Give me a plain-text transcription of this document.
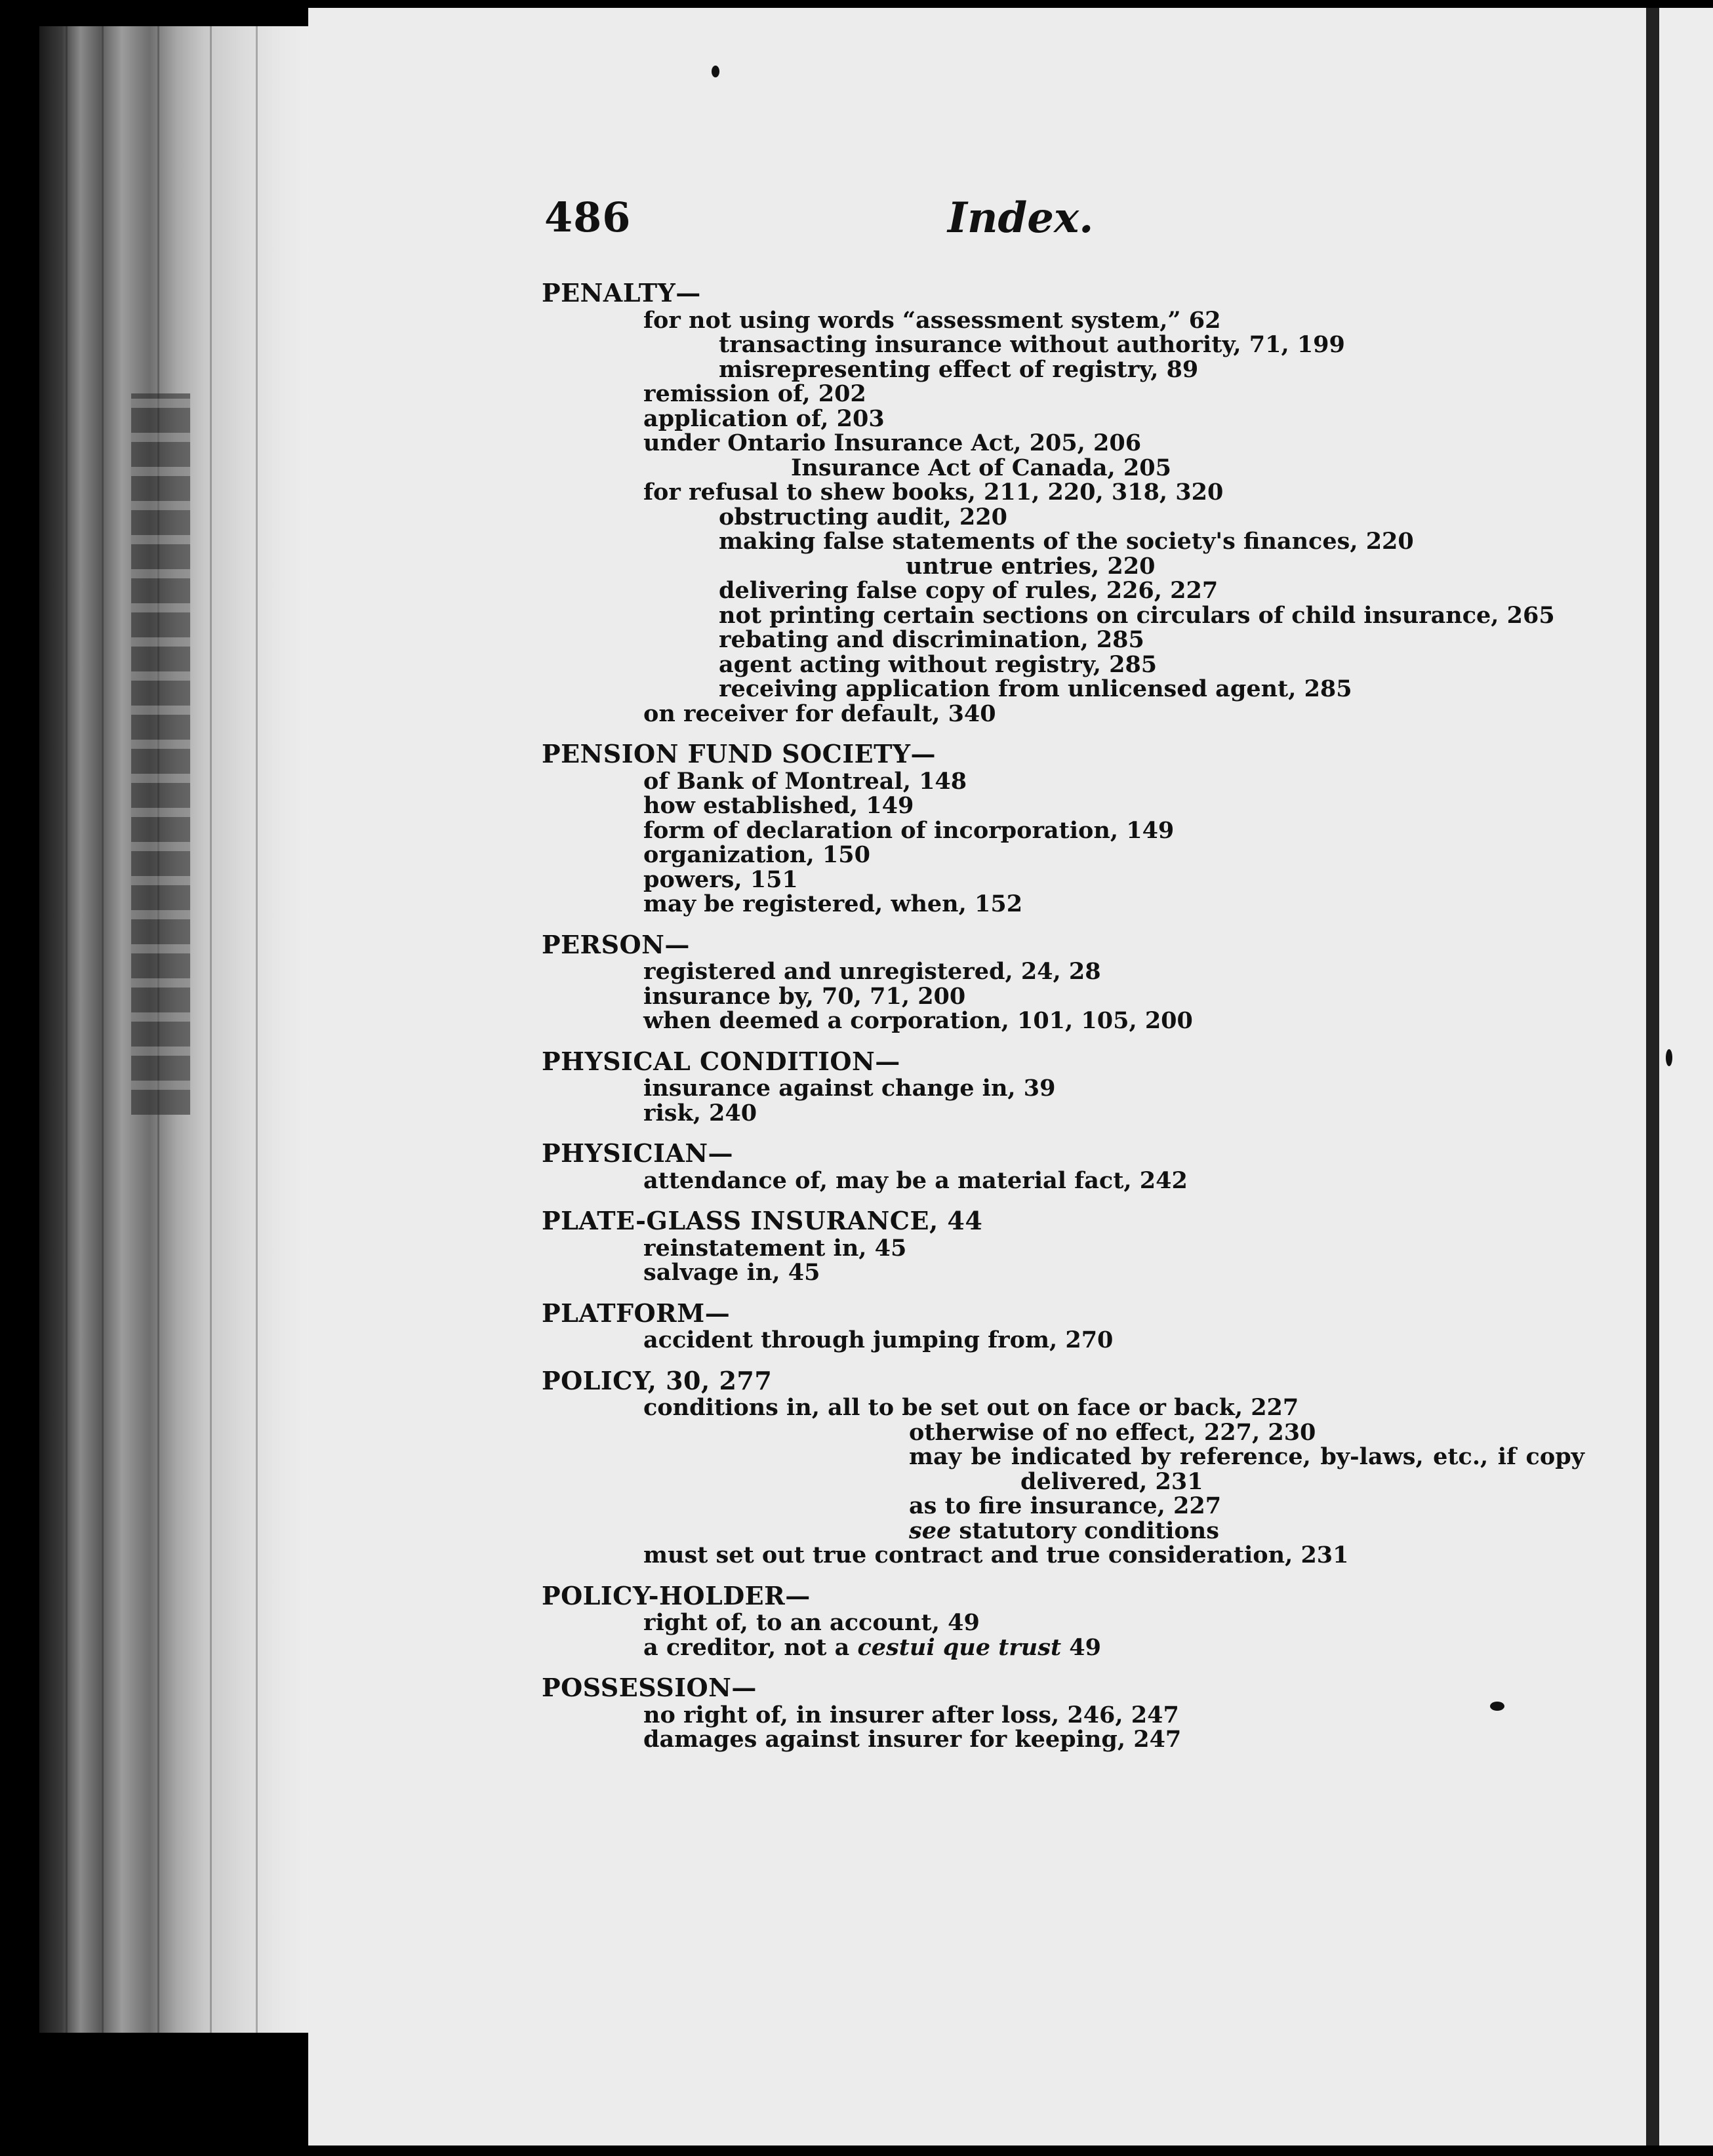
486	Index.
PENALTY—
for not using words “assessment system,” 62
transacting insurance without authority, 71, 199
misrepresenting effect of registry, 89
remission of, 202
application of, 203
under Ontario Insurance Act, 205, 206
Insurance Act of Canada, 205
for refusal to shew books, 211, 220, 318, 320
obstructing audit, 220
making false statements of the society's finances, 220
untrue entries, 220
delivering false copy of rules, 226, 227
not printing certain sections on circulars of child insurance, 265
rebating and discrimination, 285
agent acting without registry, 285
receiving application from unlicensed agent, 285
on receiver for default, 340
PENSION FUND SOCIETY—
of Bank of Montreal, 148
how established, 149
form of declaration of incorporation, 149
organization, 150
powers, 151
may be registered, when, 152
PERSON—
registered and unregistered, 24, 28
insurance by, 70, 71, 200
when deemed a corporation, 101, 105, 200
PHYSICAL CONDITION—
insurance against change in, 39
risk, 240
PHYSICIAN—
attendance of, may be a material fact, 242
PLATE-GLASS INSURANCE, 44
reinstatement in, 45
salvage in, 45
PLATFORM—
accident through jumping from, 270
POLICY, 30, 277
conditions in, all to be set out on face or back, 227
otherwise of no effect, 227, 230
may be indicated by reference, by-laws, etc., if copy
delivered, 231
as to fire insurance, 227
see statutory conditions
must set out true contract and true consideration, 231
POLICY-HOLDER—
right of, to an account, 49
a creditor, not a cestui que trust 49
POSSESSION—
no right of, in insurer after loss, 246, 247
damages against insurer for keeping, 247
